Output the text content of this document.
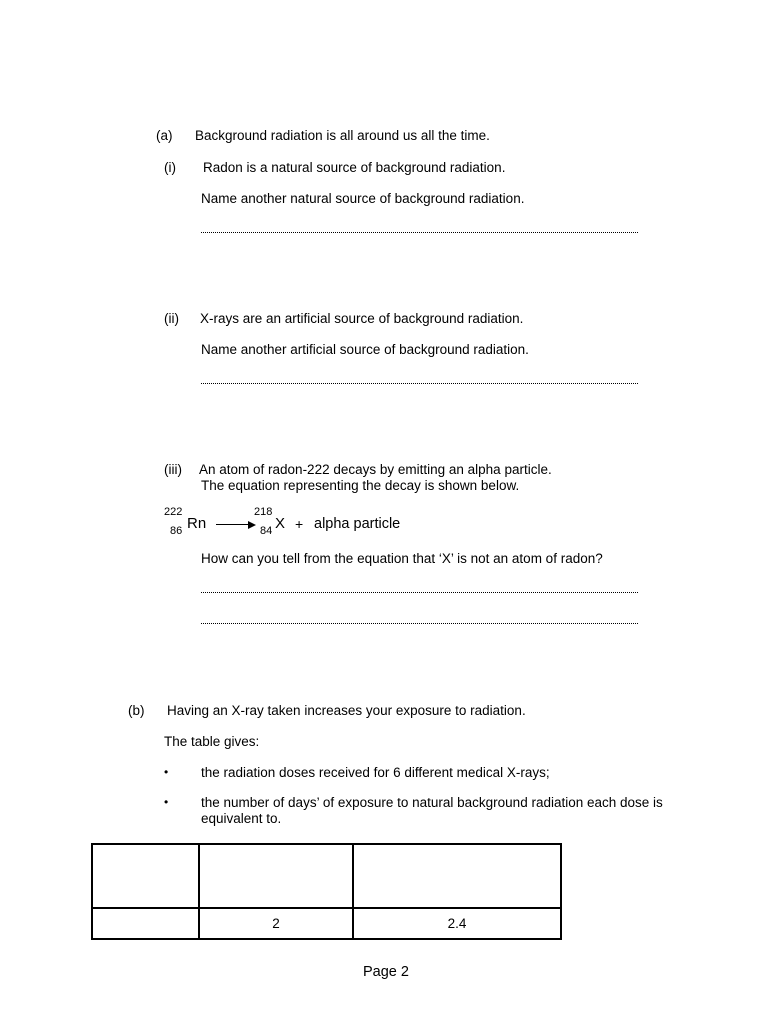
(a) Background radiation is all around us all the time.
(i) Radon is a natural source of background radiation.
Name another natural source of background radiation.
(ii) X-rays are an artificial source of background radiation.
Name another artificial source of background radiation.
(iii) An atom of radon-222 decays by emitting an alpha particle.
The equation representing the decay is shown below.
222
86 Rn
218
84 X + alpha particle
How can you tell from the equation that ‘X’ is not an atom of radon?
(b) Having an X-ray taken increases your exposure to radiation.
The table gives:
• the radiation doses received for 6 different medical X-rays;
• the number of days’ of exposure to natural background radiation each dose is
equivalent to.

	2	2.4
Page 2
